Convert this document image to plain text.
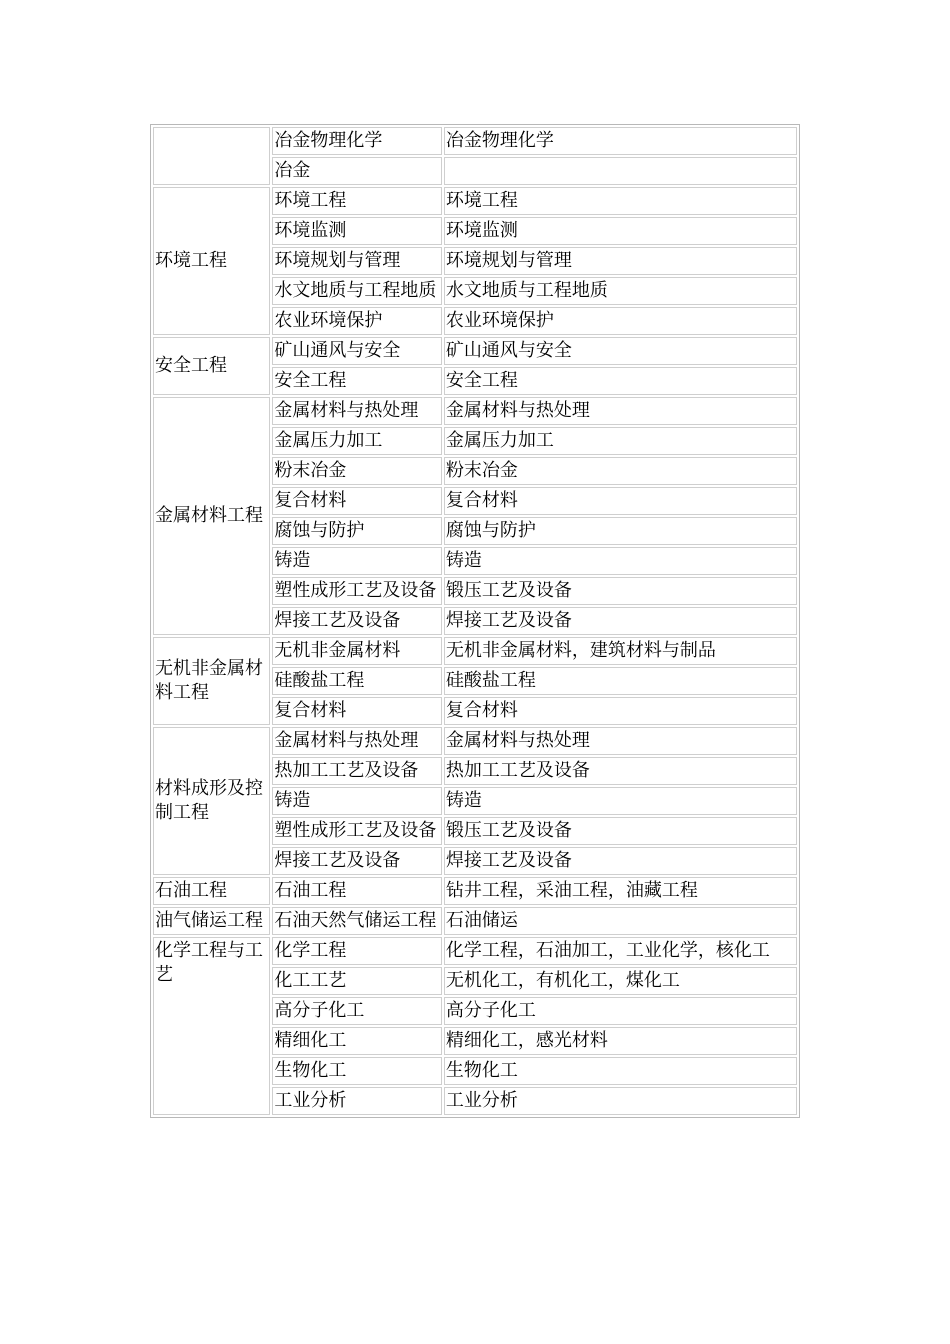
	冶金物理化学	冶金物理化学
	冶金	
环境工程	环境工程	环境工程
	环境监测	环境监测
	环境规划与管理	环境规划与管理
	水文地质与工程地质	水文地质与工程地质
	农业环境保护	农业环境保护
安全工程	矿山通风与安全	矿山通风与安全
	安全工程	安全工程
金属材料工程	金属材料与热处理	金属材料与热处理
	金属压力加工	金属压力加工
	粉末冶金	粉末冶金
	复合材料	复合材料
	腐蚀与防护	腐蚀与防护
	铸造	铸造
	塑性成形工艺及设备	锻压工艺及设备
	焊接工艺及设备	焊接工艺及设备
无机非金属材料工程	无机非金属材料	无机非金属材料，建筑材料与制品
	硅酸盐工程	硅酸盐工程
	复合材料	复合材料
材料成形及控制工程	金属材料与热处理	金属材料与热处理
	热加工工艺及设备	热加工工艺及设备
	铸造	铸造
	塑性成形工艺及设备	锻压工艺及设备
	焊接工艺及设备	焊接工艺及设备
石油工程	石油工程	钻井工程，采油工程，油藏工程
油气储运工程	石油天然气储运工程	石油储运
化学工程与工艺	化学工程	化学工程，石油加工，工业化学，核化工
	化工工艺	无机化工，有机化工，煤化工
	高分子化工	高分子化工
	精细化工	精细化工，感光材料
	生物化工	生物化工
	工业分析	工业分析
